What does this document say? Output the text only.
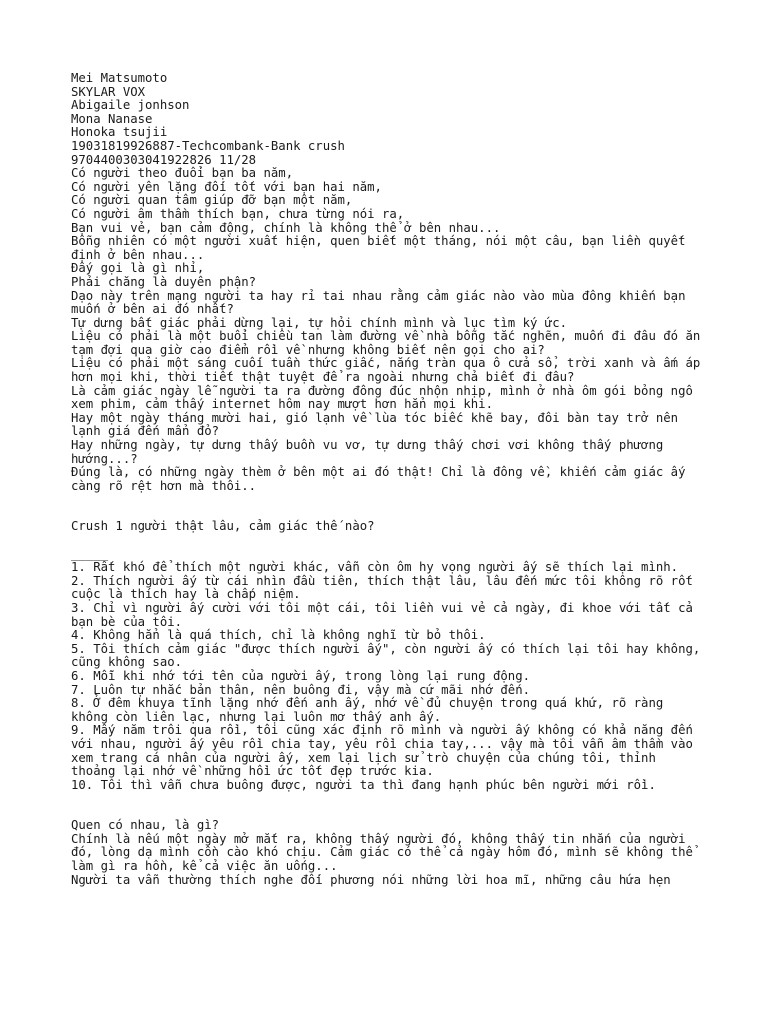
Mei Matsumoto

SKYLAR VOX

Abigaile jonhson

Mona Nanase

Honoka tsujii

19031819926887-Techcombank-Bank crush

9704400303041922826 11/28

Có người theo đuổi bạn ba năm,

Có người yên lặng đối tốt với bạn hai năm,

Có người quan tâm giúp đỡ bạn một năm,

Có người âm thầm thích bạn, chưa từng nói ra,

Bạn vui vẻ, bạn cảm động, chính là không thể ở bên nhau...

Bỗng nhiên có một người xuất hiện, quen biết một tháng, nói một câu, bạn liền quyết định ở bên nhau...

Đấy gọi là gì nhỉ,

Phải chăng là duyên phận?

Dạo này trên mạng người ta hay rỉ tai nhau rằng cảm giác nào vào mùa đông khiến bạn muốn ở bên ai đó nhất?

Tự dưng bất giác phải dừng lại, tự hỏi chính mình và lục tìm ký ức.

Liệu có phải là một buổi chiều tan làm đường về nhà bỗng tắc nghẽn, muốn đi đâu đó ăn tạm đợi qua giờ cao điểm rồi về nhưng không biết nên gọi cho ai?

Liệu có phải một sáng cuối tuần thức giấc, nắng tràn qua ô cửa sổ, trời xanh và ấm áp hơn mọi khi, thời tiết thật tuyệt để ra ngoài nhưng chả biết đi đâu?

Là cảm giác ngày lễ người ta ra đường đông đúc nhộn nhịp, mình ở nhà ôm gói bỏng ngô xem phim, cảm thấy internet hôm nay mượt hơn hẳn mọi khi.

Hay một ngày tháng mười hai, gió lạnh về lùa tóc biếc khẽ bay, đôi bàn tay trở nên lạnh giá đến mẩn đỏ?

Hay những ngày, tự dưng thấy buồn vu vơ, tự dưng thấy chơi vơi không thấy phương hướng...?

Đúng là, có những ngày thèm ở bên một ai đó thật! Chỉ là đông về, khiến cảm giác ấy càng rõ rệt hơn mà thôi..

Crush 1 người thật lâu, cảm giác thế nào?

_____

1. Rất khó để thích một người khác, vẫn còn ôm hy vọng người ấy sẽ thích lại mình.

2. Thích người ấy từ cái nhìn đầu tiên, thích thật lâu, lâu đến mức tôi không rõ rốt cuộc là thích hay là chấp niệm.

3. Chỉ vì người ấy cười với tôi một cái, tôi liền vui vẻ cả ngày, đi khoe với tất cả bạn bè của tôi.

4. Không hẳn là quá thích, chỉ là không nghĩ từ bỏ thôi.

5. Tôi thích cảm giác "được thích người ấy", còn người ấy có thích lại tôi hay không, cũng không sao.

6. Mỗi khi nhớ tới tên của người ấy, trong lòng lại rung động.

7. Luôn tự nhắc bản thân, nên buông đi, vậy mà cứ mãi nhớ đến.

8. Ở đêm khuya tĩnh lặng nhớ đến anh ấy, nhớ về đủ chuyện trong quá khứ, rõ ràng không còn liên lạc, nhưng lại luôn mơ thấy anh ấy.

9. Mấy năm trôi qua rồi, tôi cũng xác định rõ mình và người ấy không có khả năng đến với nhau, người ấy yêu rồi chia tay, yêu rồi chia tay,... vậy mà tôi vẫn âm thầm vào xem trang cá nhân của người ấy, xem lại lịch sử trò chuyện của chúng tôi, thỉnh thoảng lại nhớ về những hồi ức tốt đẹp trước kia.

10. Tôi thì vẫn chưa buông được, người ta thì đang hạnh phúc bên người mới rồi.

Quen có nhau, là gì?

Chính là nếu một ngày mở mắt ra, không thấy người đó, không thấy tin nhắn của người đó, lòng dạ mình cồn cào khó chịu. Cảm giác có thể cả ngày hôm đó, mình sẽ không thể làm gì ra hồn, kể cả việc ăn uống...

Người ta vẫn thường thích nghe đối phương nói những lời hoa mĩ, những câu hứa hẹn
